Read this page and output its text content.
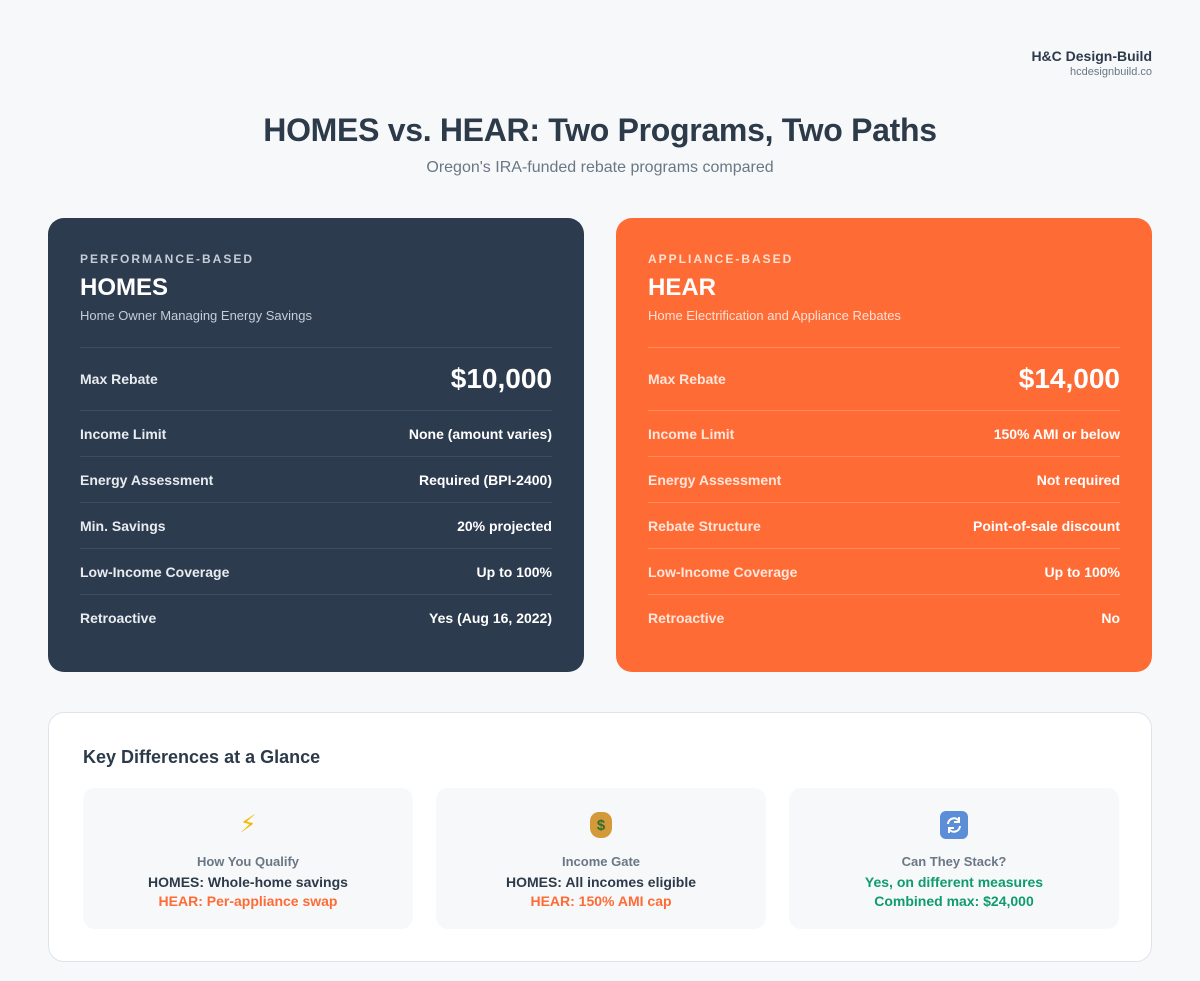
H&C Design-Build
hcdesignbuild.co
HOMES vs. HEAR: Two Programs, Two Paths
Oregon's IRA-funded rebate programs compared
PERFORMANCE-BASED
HOMES
Home Owner Managing Energy Savings
Max Rebate	$10,000
Income Limit	None (amount varies)
Energy Assessment	Required (BPI-2400)
Min. Savings	20% projected
Low-Income Coverage	Up to 100%
Retroactive	Yes (Aug 16, 2022)
APPLIANCE-BASED
HEAR
Home Electrification and Appliance Rebates
Max Rebate	$14,000
Income Limit	150% AMI or below
Energy Assessment	Not required
Rebate Structure	Point-of-sale discount
Low-Income Coverage	Up to 100%
Retroactive	No
Key Differences at a Glance
⚡
How You Qualify
HOMES: Whole-home savings
HEAR: Per-appliance swap
$
Income Gate
HOMES: All incomes eligible
HEAR: 150% AMI cap
Can They Stack?
Yes, on different measures
Combined max: $24,000
